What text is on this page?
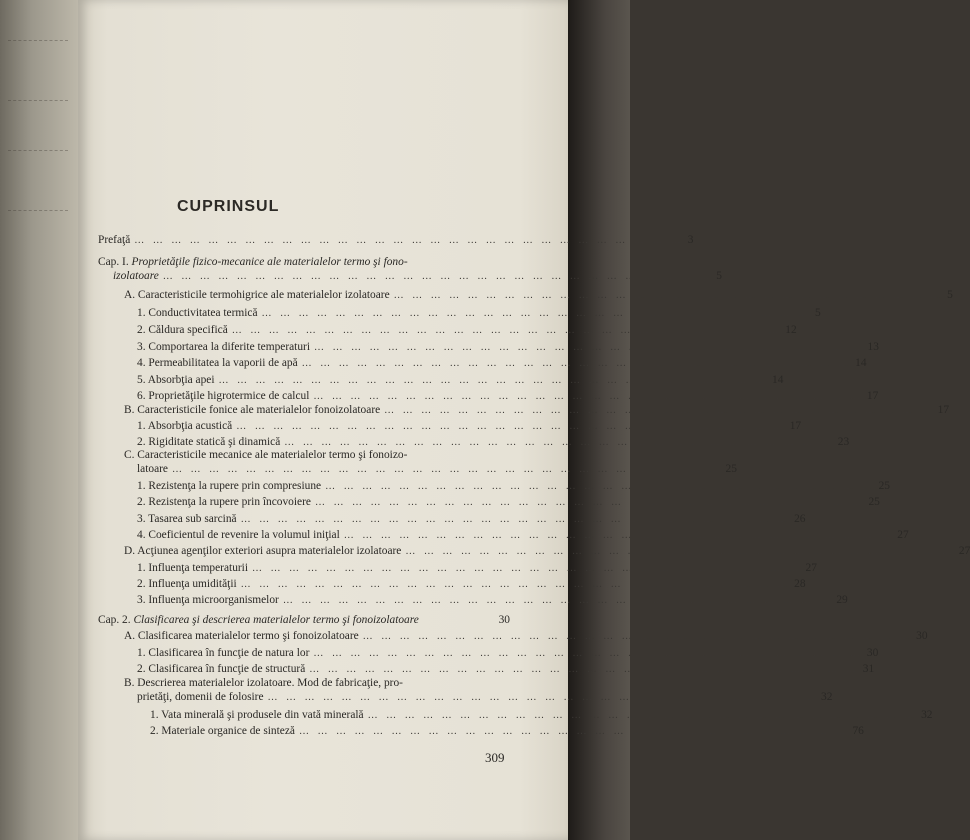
CUPRINSUL
Prefaţă … … … … … … … … … … … … … … … … … … … … … … … … … … … … … … 3
Cap. I. Proprietăţile fizico-mecanice ale materialelor termo şi fono-
izolatoare … … … … … … … … … … … … … … … … … … … … … … … … … … … … … … 5
A. Caracteristicile termohigrice ale materialelor izolatoare … … … … … … … … … … … … … … … … … … … … … … … … … … … … … … 5
1. Conductivitatea termică … … … … … … … … … … … … … … … … … … … … … … … … … … … … … … 5
2. Căldura specifică … … … … … … … … … … … … … … … … … … … … … … … … … … … … … … 12
3. Comportarea la diferite temperaturi … … … … … … … … … … … … … … … … … … … … … … … … … … … … … … 13
4. Permeabilitatea la vaporii de apă … … … … … … … … … … … … … … … … … … … … … … … … … … … … … … 14
5. Absorbţia apei … … … … … … … … … … … … … … … … … … … … … … … … … … … … … … 14
6. Proprietăţile higrotermice de calcul … … … … … … … … … … … … … … … … … … … … … … … … … … … … … … 17
B. Caracteristicile fonice ale materialelor fonoizolatoare … … … … … … … … … … … … … … … … … … … … … … … … … … … … … … 17
1. Absorbţia acustică … … … … … … … … … … … … … … … … … … … … … … … … … … … … … … 17
2. Rigiditate statică şi dinamică … … … … … … … … … … … … … … … … … … … … … … … … … … … … … … 23
C. Caracteristicile mecanice ale materialelor termo şi fonoizo-
latoare … … … … … … … … … … … … … … … … … … … … … … … … … … … … … … 25
1. Rezistenţa la rupere prin compresiune … … … … … … … … … … … … … … … … … … … … … … … … … … … … … … 25
2. Rezistenţa la rupere prin încovoiere … … … … … … … … … … … … … … … … … … … … … … … … … … … … … … 25
3. Tasarea sub sarcină … … … … … … … … … … … … … … … … … … … … … … … … … … … … … … 26
4. Coeficientul de revenire la volumul iniţial … … … … … … … … … … … … … … … … … … … … … … … … … … … … … … 27
D. Acţiunea agenţilor exteriori asupra materialelor izolatoare … … … … … … … … … … … … … … … … … … … … … … … … … … … … … … 27
1. Influenţa temperaturii … … … … … … … … … … … … … … … … … … … … … … … … … … … … … … 27
2. Influenţa umidităţii … … … … … … … … … … … … … … … … … … … … … … … … … … … … … … 28
3. Influenţa microorganismelor … … … … … … … … … … … … … … … … … … … … … … … … … … … … … … 29
Cap. 2. Clasificarea şi descrierea materialelor termo şi fonoizolatoare	30
A. Clasificarea materialelor termo şi fonoizolatoare … … … … … … … … … … … … … … … … … … … … … … … … … … … … … … 30
1. Clasificarea în funcţie de natura lor … … … … … … … … … … … … … … … … … … … … … … … … … … … … … … 30
2. Clasificarea în funcţie de structură … … … … … … … … … … … … … … … … … … … … … … … … … … … … … … 31
B. Descrierea materialelor izolatoare. Mod de fabricaţie, pro-
prietăţi, domenii de folosire … … … … … … … … … … … … … … … … … … … … … … … … … … … … … … 32
1. Vata minerală şi produsele din vată minerală … … … … … … … … … … … … … … … … … … … … … … … … … … … … … … 32
2. Materiale organice de sinteză … … … … … … … … … … … … … … … … … … … … … … … … … … … … … … 76
309
